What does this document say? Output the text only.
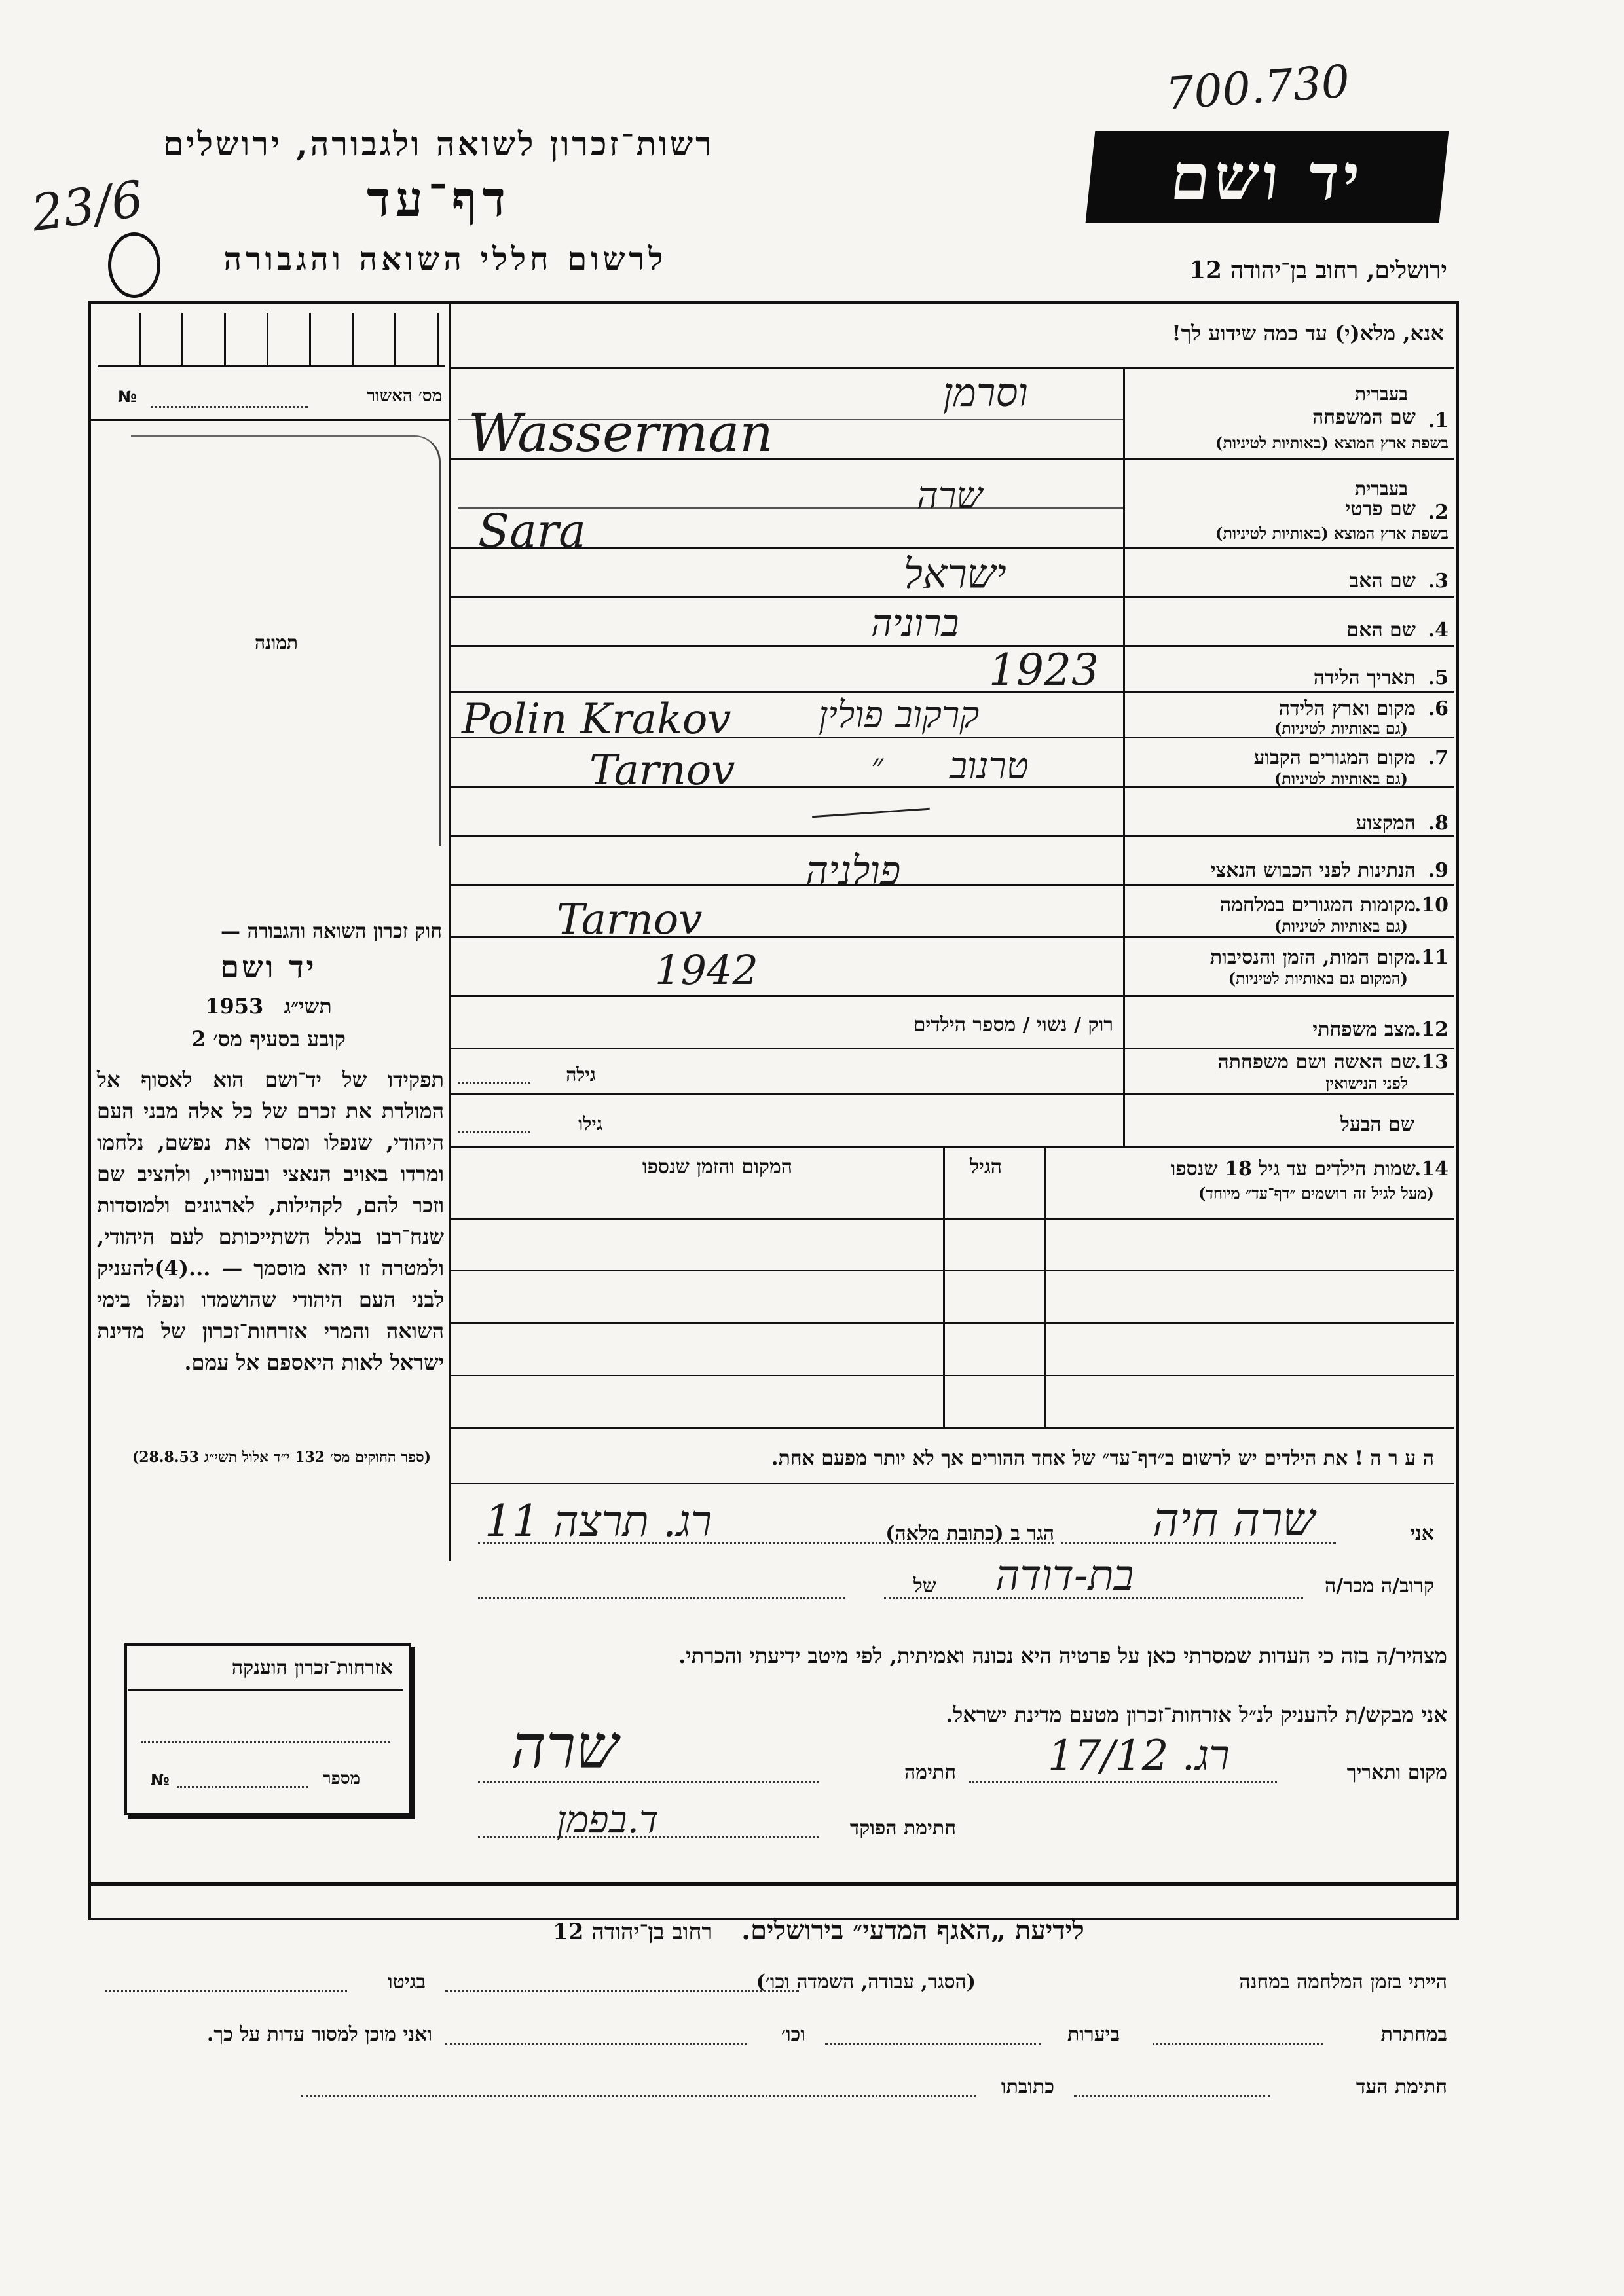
רשות־זכרון לשואה ולגבורה, ירושלים
דף־עד
לרשום חללי השואה והגבורה
23/6
700.730
יד ושם
ירושלים, רחוב בן־יהודה 12
אנא, מלא(י) עד כמה שידוע לך!
מס׳ האשור
№
תמונה
בעברית
1.
שם המשפחה
בשפת ארץ המוצא (באותיות לטיניות)
וסרמן
Wasserman
בעברית
2.
שם פרטי
בשפת ארץ המוצא (באותיות לטיניות)
שרה
Sara
3.
שם האב
ישראל
4.
שם האם
ברוניה
5.
תאריך הלידה
1923
6.
מקום וארץ הלידה
(גם באותיות לטיניות)
קרקוב פולין
Polin Krakov
7.
מקום המגורים הקבוע
(גם באותיות לטיניות)
טרנוב
״
Tarnov
8.
המקצוע
9.
הנתינות לפני הכבוש הנאצי
פולניה
10.
מקומות המגורים במלחמה
(גם באותיות לטיניות)
Tarnov
11.
מקום המות, הזמן והנסיבות
(המקום גם באותיות לטיניות)
1942
12.
מצב משפחתי
רוק / נשוי / מספר הילדים
13.
שם האשה ושם משפחתה
לפני הנישואין
גילה
שם הבעל
גילו
14.
שמות הילדים עד גיל 18 שנספו
(מעל לגיל זה רושמים ״דף־עד״ מיוחד)
הגיל
המקום והזמן שנספו
ה ע ר ה ! את הילדים יש לרשום ב״דף־עד״ של אחד ההורים אך לא יותר מפעם אחת.
אני
שרה חיה
הגר ב (כתובת מלאה)
רג. תרצה 11
קרוב/ה מכר/ה
בת-דודה
של
מצהיר/ה בזה כי העדות שמסרתי כאן על פרטיה היא נכונה ואמיתית, לפי מיטב ידיעתי והכרתי.
אני מבקש/ת להעניק לנ״ל אזרחות־זכרון מטעם מדינת ישראל.
מקום ותאריך
רג. 17/12
חתימה
שרה
חתימת הפוקד
ד.בפמן
חוק זכרון השואה והגבורה —
יד ושם
תשי״ג 1953
קובע בסעיף מס׳ 2
תפקידו של יד־ושם הוא לאסוף אל המולדת את זכרם של כל אלה מבני העם היהודי, שנפלו ומסרו את נפשם, נלחמו ומרדו באויב הנאצי ובעוזריו, ולהציב שם וזכר להם, לקהילות, לארגונים ולמוסדות שנח־רבו בגלל השתייכותם לעם היהודי, ולמטרה זו יהא מוסמך — ...(4)להעניק לבני העם היהודי שהושמדו ונפלו בימי השואה והמרי אזרחות־זכרון של מדינת ישראל לאות היאספם אל עמם.
(ספר החוקים מס׳ 132 י״ד אלול תשי״ג 28.8.53)
אזרחות־זכרון הוענקה
מספר
№
לידיעת „האגף המדעי״ בירושלים. רחוב בן־יהודה 12
הייתי בזמן המלחמה במחנה
(הסגר, עבודה, השמדה וכו׳)
בגיטו
במחתרת
ביערות
וכו׳
ואני מוכן למסור עדות על כך.
חתימת העד
כתובתו
